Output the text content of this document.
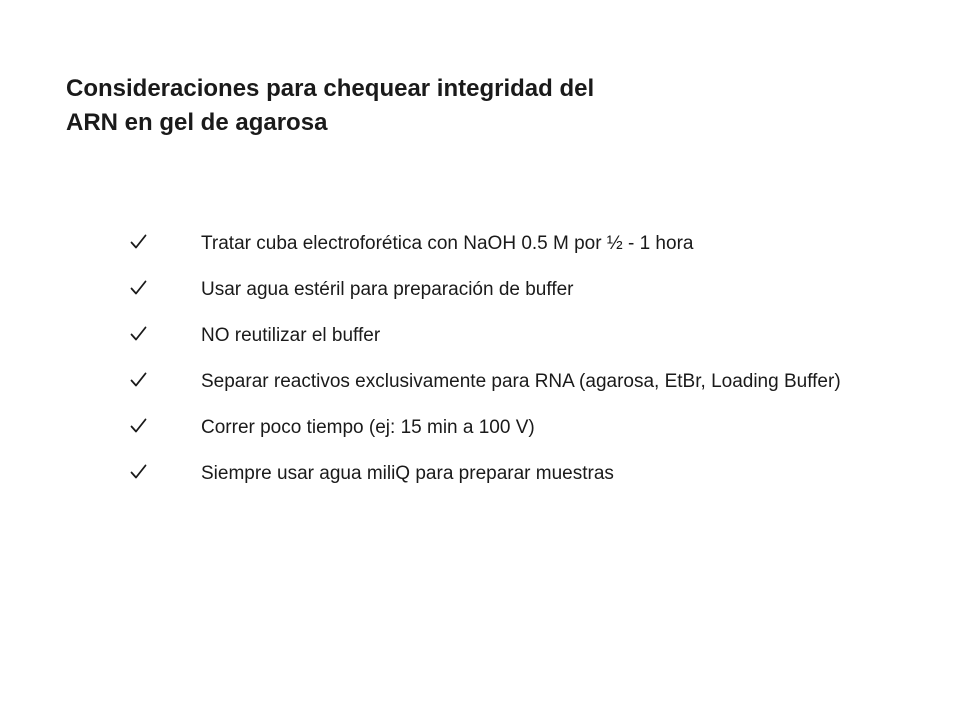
Consideraciones para chequear integridad del
ARN en gel de agarosa
Tratar cuba electroforética con NaOH 0.5 M por ½ - 1 hora
Usar agua estéril para preparación de buffer
NO reutilizar el buffer
Separar reactivos exclusivamente para RNA (agarosa, EtBr, Loading Buffer)
Correr poco tiempo (ej: 15 min a 100 V)
Siempre usar agua miliQ para preparar muestras
